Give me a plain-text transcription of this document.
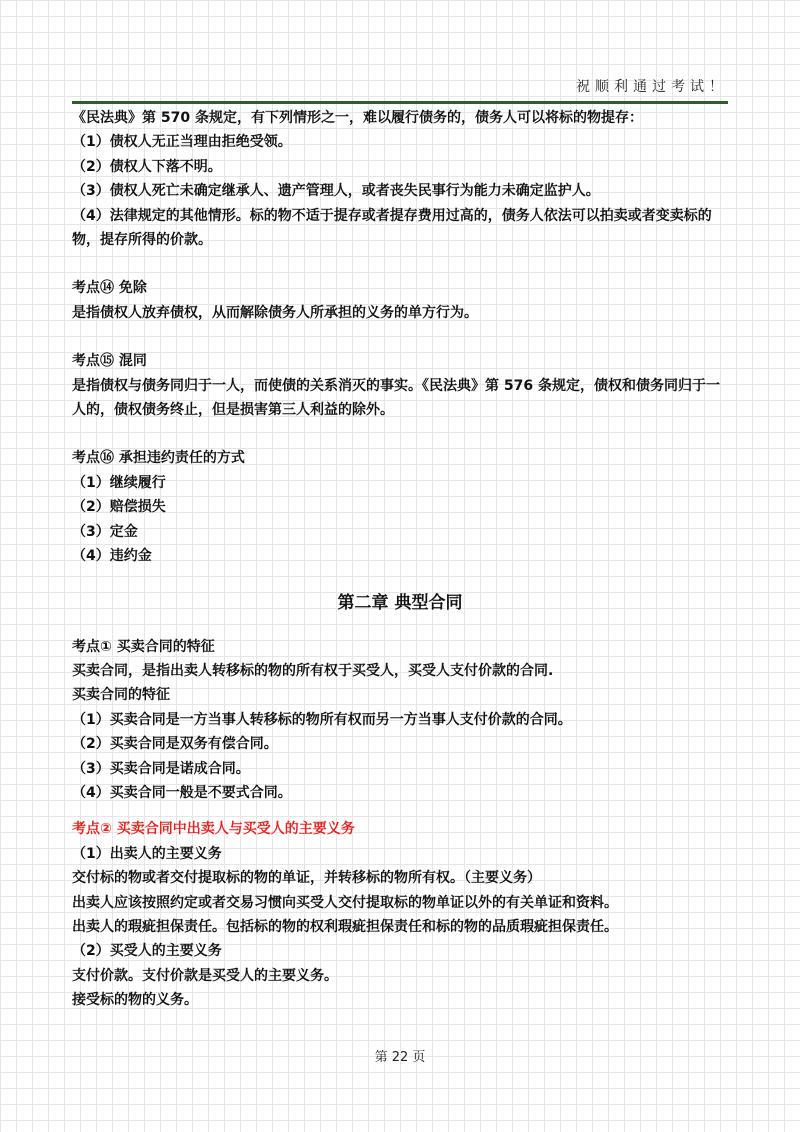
祝顺利通过考试！

《民法典》第 570 条规定，有下列情形之一，难以履行债务的，债务人可以将标的物提存：

（1）债权人无正当理由拒绝受领。

（2）债权人下落不明。

（3）债权人死亡未确定继承人、遗产管理人，或者丧失民事行为能力未确定监护人。

（4）法律规定的其他情形。标的物不适于提存或者提存费用过高的，债务人依法可以拍卖或者变卖标的物，提存所得的价款。

考点⑭ 免除

是指债权人放弃债权，从而解除债务人所承担的义务的单方行为。

考点⑮ 混同

是指债权与债务同归于一人，而使债的关系消灭的事实。《民法典》第 576 条规定，债权和债务同归于一人的，债权债务终止，但是损害第三人利益的除外。

考点⑯ 承担违约责任的方式

（1）继续履行

（2）赔偿损失

（3）定金

（4）违约金

第二章 典型合同

考点① 买卖合同的特征

买卖合同，是指出卖人转移标的物的所有权于买受人，买受人支付价款的合同.

买卖合同的特征

（1）买卖合同是一方当事人转移标的物所有权而另一方当事人支付价款的合同。

（2）买卖合同是双务有偿合同。

（3）买卖合同是诺成合同。

（4）买卖合同一般是不要式合同。

考点② 买卖合同中出卖人与买受人的主要义务

（1）出卖人的主要义务

交付标的物或者交付提取标的物的单证，并转移标的物所有权。（主要义务）

出卖人应该按照约定或者交易习惯向买受人交付提取标的物单证以外的有关单证和资料。

出卖人的瑕疵担保责任。包括标的物的权利瑕疵担保责任和标的物的品质瑕疵担保责任。

（2）买受人的主要义务

支付价款。支付价款是买受人的主要义务。

接受标的物的义务。

第 22 页
